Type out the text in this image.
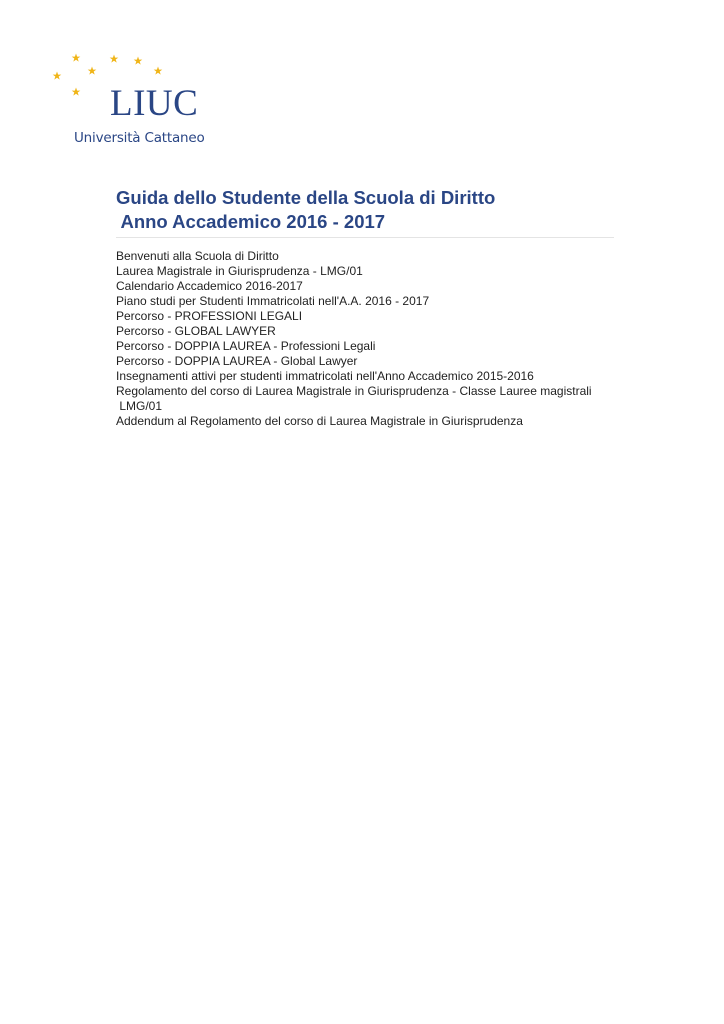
LIUC
Università Cattaneo
Guida dello Studente della Scuola di Diritto
Anno Accademico 2016 - 2017
Benvenuti alla Scuola di Diritto
Laurea Magistrale in Giurisprudenza - LMG/01
Calendario Accademico 2016-2017
Piano studi per Studenti Immatricolati nell'A.A. 2016 - 2017
Percorso - PROFESSIONI LEGALI
Percorso - GLOBAL LAWYER
Percorso - DOPPIA LAUREA - Professioni Legali
Percorso - DOPPIA LAUREA - Global Lawyer
Insegnamenti attivi per studenti immatricolati nell'Anno Accademico 2015-2016
Regolamento del corso di Laurea Magistrale in Giurisprudenza - Classe Lauree magistrali
LMG/01
Addendum al Regolamento del corso di Laurea Magistrale in Giurisprudenza
